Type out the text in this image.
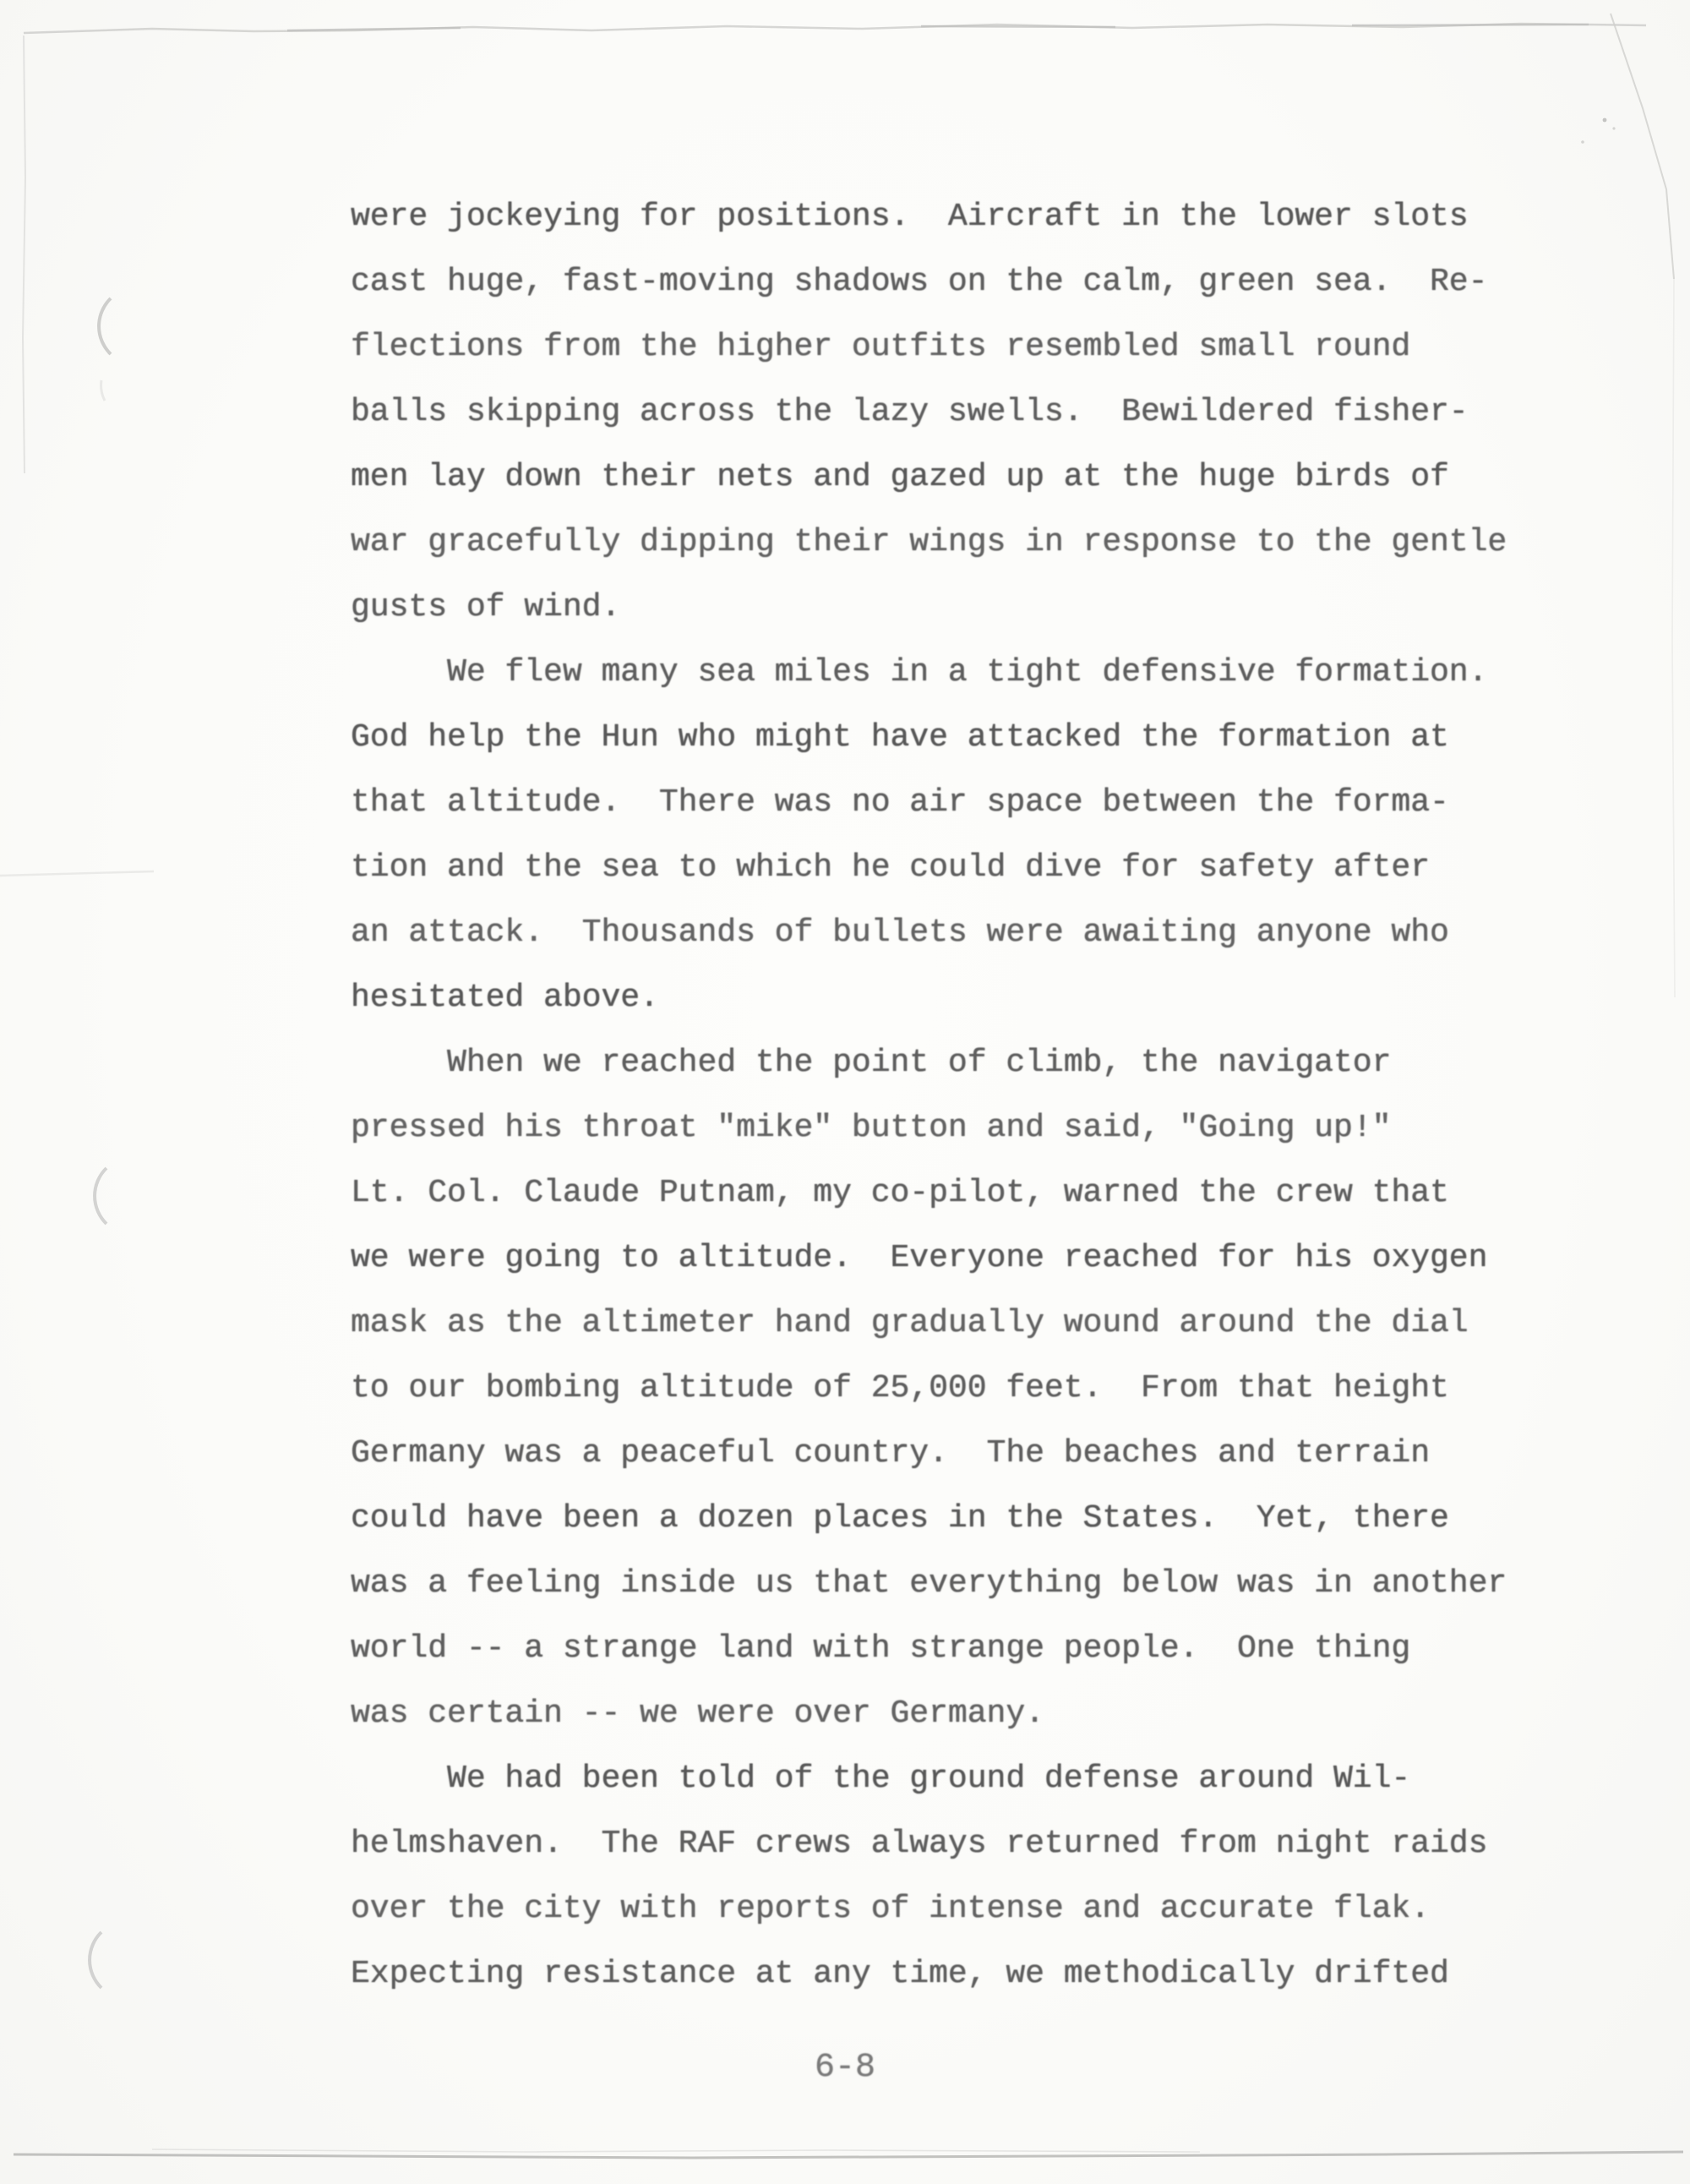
were jockeying for positions.  Aircraft in the lower slots
cast huge, fast-moving shadows on the calm, green sea.  Re-
flections from the higher outfits resembled small round
balls skipping across the lazy swells.  Bewildered fisher-
men lay down their nets and gazed up at the huge birds of
war gracefully dipping their wings in response to the gentle
gusts of wind.
We flew many sea miles in a tight defensive formation.
God help the Hun who might have attacked the formation at
that altitude.  There was no air space between the forma-
tion and the sea to which he could dive for safety after
an attack.  Thousands of bullets were awaiting anyone who
hesitated above.
When we reached the point of climb, the navigator
pressed his throat "mike" button and said, "Going up!"
Lt. Col. Claude Putnam, my co-pilot, warned the crew that
we were going to altitude.  Everyone reached for his oxygen
mask as the altimeter hand gradually wound around the dial
to our bombing altitude of 25,000 feet.  From that height
Germany was a peaceful country.  The beaches and terrain
could have been a dozen places in the States.  Yet, there
was a feeling inside us that everything below was in another
world -- a strange land with strange people.  One thing
was certain -- we were over Germany.
We had been told of the ground defense around Wil-
helmshaven.  The RAF crews always returned from night raids
over the city with reports of intense and accurate flak.
Expecting resistance at any time, we methodically drifted
6-8
